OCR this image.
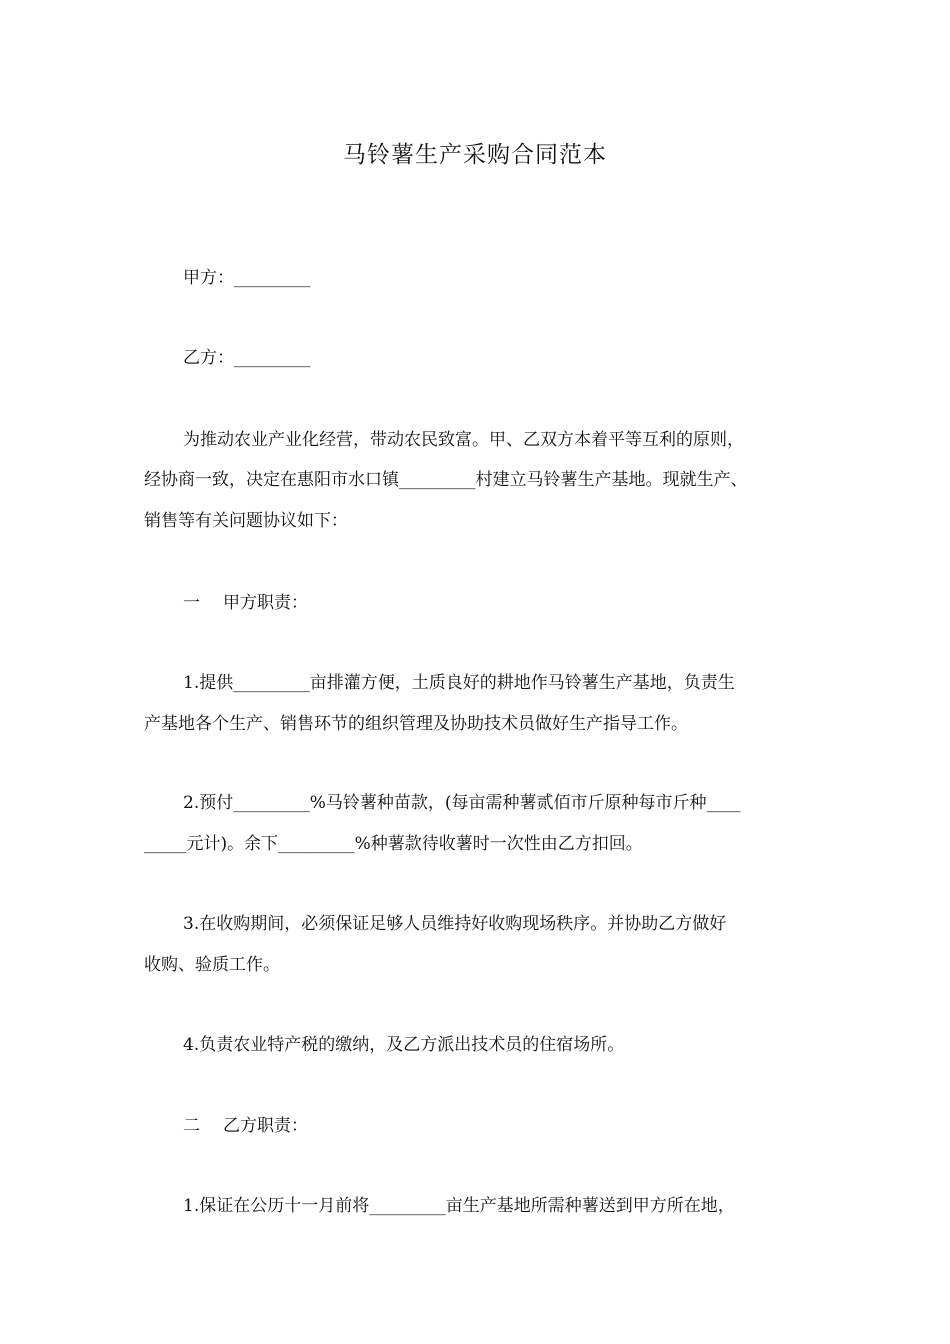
马铃薯生产采购合同范本
甲方：_________
乙方：_________
为推动农业产业化经营，带动农民致富。甲、乙双方本着平等互利的原则，
经协商一致，决定在惠阳市水口镇_________村建立马铃薯生产基地。现就生产、
销售等有关问题协议如下：
一 甲方职责：
1.提供_________亩排灌方便，土质良好的耕地作马铃薯生产基地，负责生
产基地各个生产、销售环节的组织管理及协助技术员做好生产指导工作。
2.预付_________%马铃薯种苗款，(每亩需种薯贰佰市斤原种每市斤种____
_____元计)。余下_________%种薯款待收薯时一次性由乙方扣回。
3.在收购期间，必须保证足够人员维持好收购现场秩序。并协助乙方做好
收购、验质工作。
4.负责农业特产税的缴纳，及乙方派出技术员的住宿场所。
二 乙方职责：
1.保证在公历十一月前将_________亩生产基地所需种薯送到甲方所在地，
